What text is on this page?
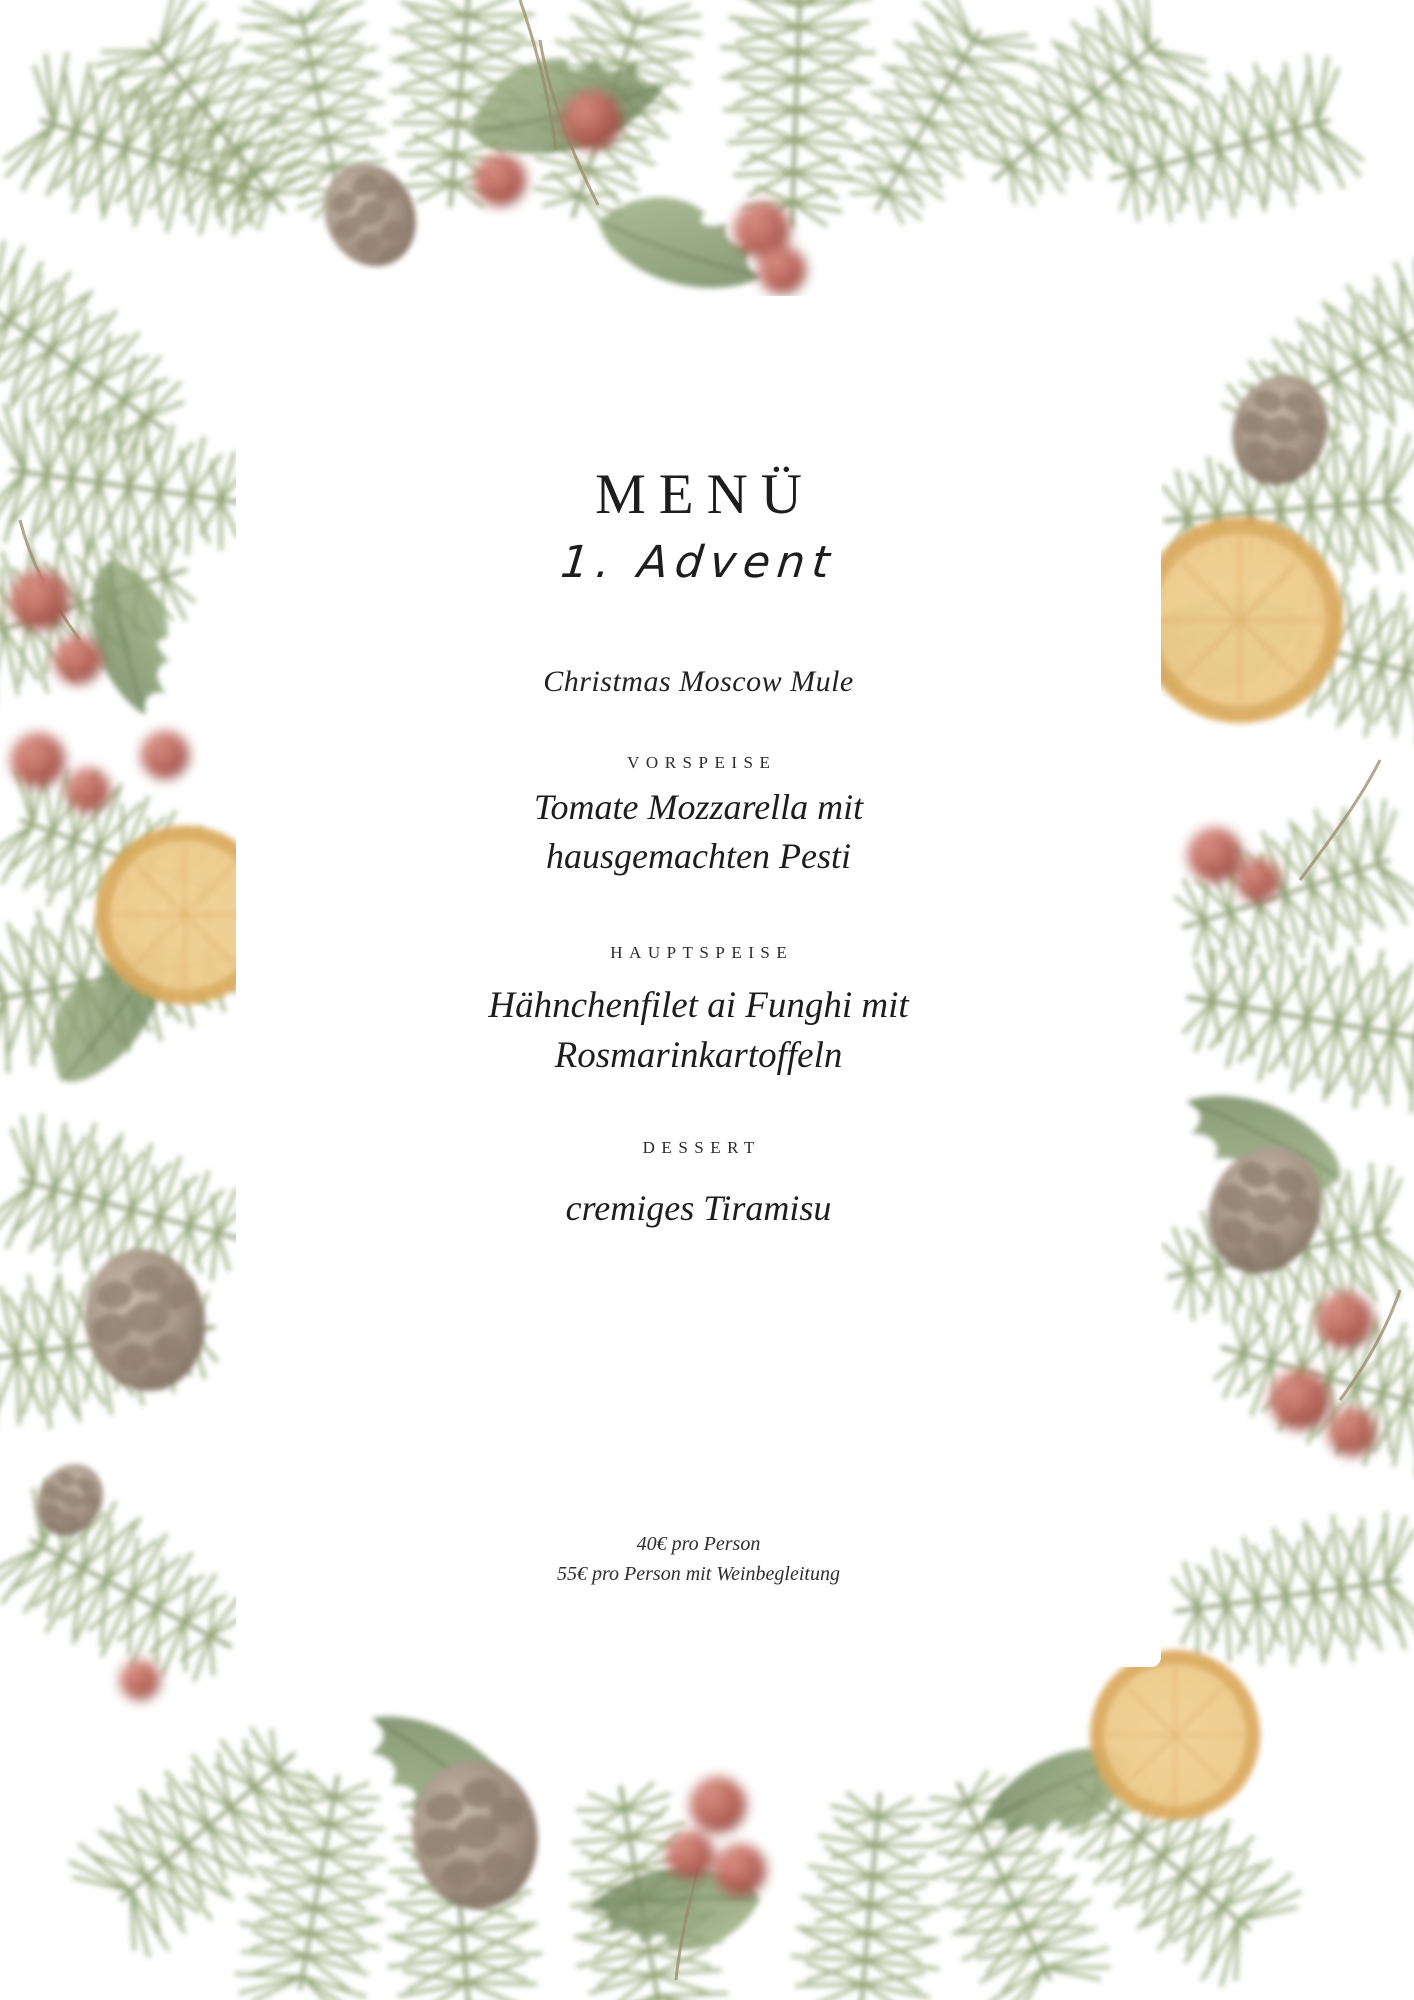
MENÜ
1. Advent
Christmas Moscow Mule

VORSPEISE

Tomate Mozzarella mit hausgemachten Pesti

HAUPTSPEISE

Hähnchenfilet ai Funghi mit Rosmarinkartoffeln

DESSERT

cremiges Tiramisu

40€ pro Person

55€ pro Person mit Weinbegleitung
